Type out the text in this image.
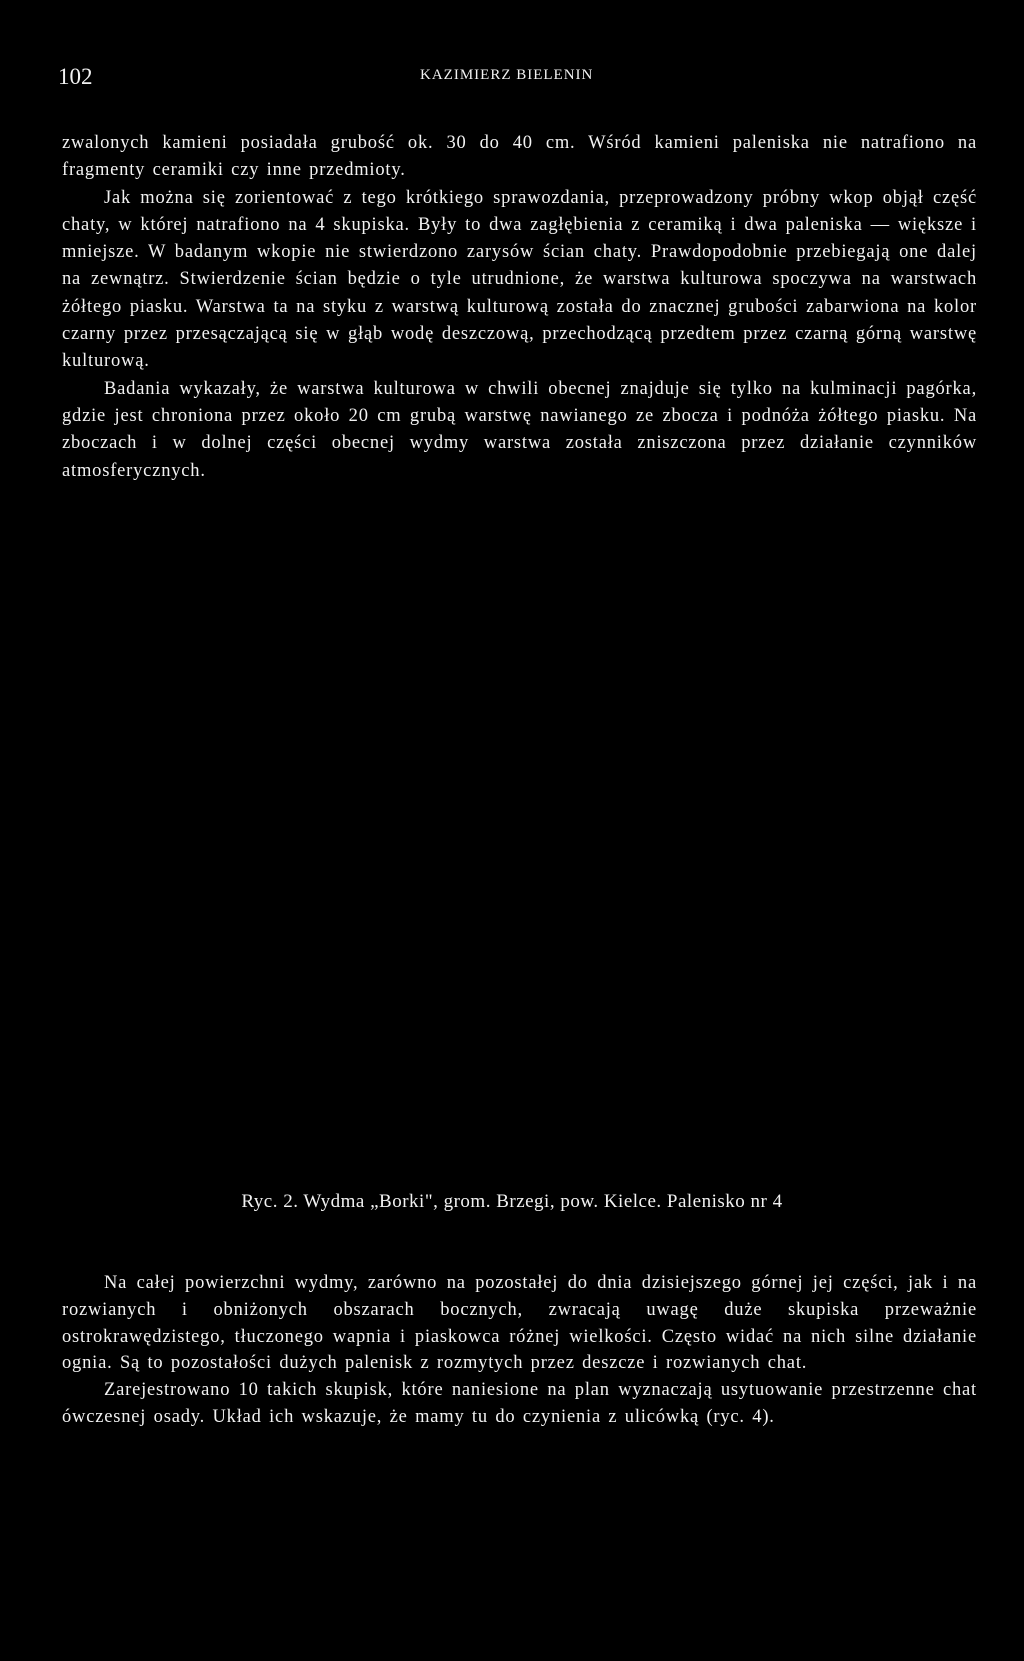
102	KAZIMIERZ BIELENIN

zwalonych kamieni posiadała grubość ok. 30 do 40 cm. Wśród kamieni paleniska nie natrafiono na fragmenty ceramiki czy inne przedmioty.

Jak można się zorientować z tego krótkiego sprawozdania, przeprowadzony próbny wkop objął część chaty, w której natrafiono na 4 skupiska. Były to dwa zagłębienia z ceramiką i dwa paleniska — większe i mniejsze. W badanym wkopie nie stwierdzono zarysów ścian chaty. Prawdopodobnie przebiegają one dalej na zewnątrz. Stwierdzenie ścian będzie o tyle utrudnione, że warstwa kulturowa spoczywa na warstwach żółtego piasku. Warstwa ta na styku z warstwą kulturową została do znacznej grubości zabarwiona na kolor czarny przez przesączającą się w głąb wodę deszczową, przechodzącą przedtem przez czarną górną warstwę kulturową.

Badania wykazały, że warstwa kulturowa w chwili obecnej znajduje się tylko na kulminacji pagórka, gdzie jest chroniona przez około 20 cm grubą warstwę nawianego ze zbocza i podnóża żółtego piasku. Na zboczach i w dolnej części obecnej wydmy warstwa została zniszczona przez działanie czynników atmosferycznych.

Ryc. 2. Wydma „Borki", grom. Brzegi, pow. Kielce. Palenisko nr 4

Na całej powierzchni wydmy, zarówno na pozostałej do dnia dzisiejszego górnej jej części, jak i na rozwianych i obniżonych obszarach bocznych, zwracają uwagę duże skupiska przeważnie ostrokrawędzistego, tłuczonego wapnia i piaskowca różnej wielkości. Często widać na nich silne działanie ognia. Są to pozostałości dużych palenisk z rozmytych przez deszcze i rozwianych chat.

Zarejestrowano 10 takich skupisk, które naniesione na plan wyznaczają usytuowanie przestrzenne chat ówczesnej osady. Układ ich wskazuje, że mamy tu do czynienia z ulicówką (ryc. 4).
